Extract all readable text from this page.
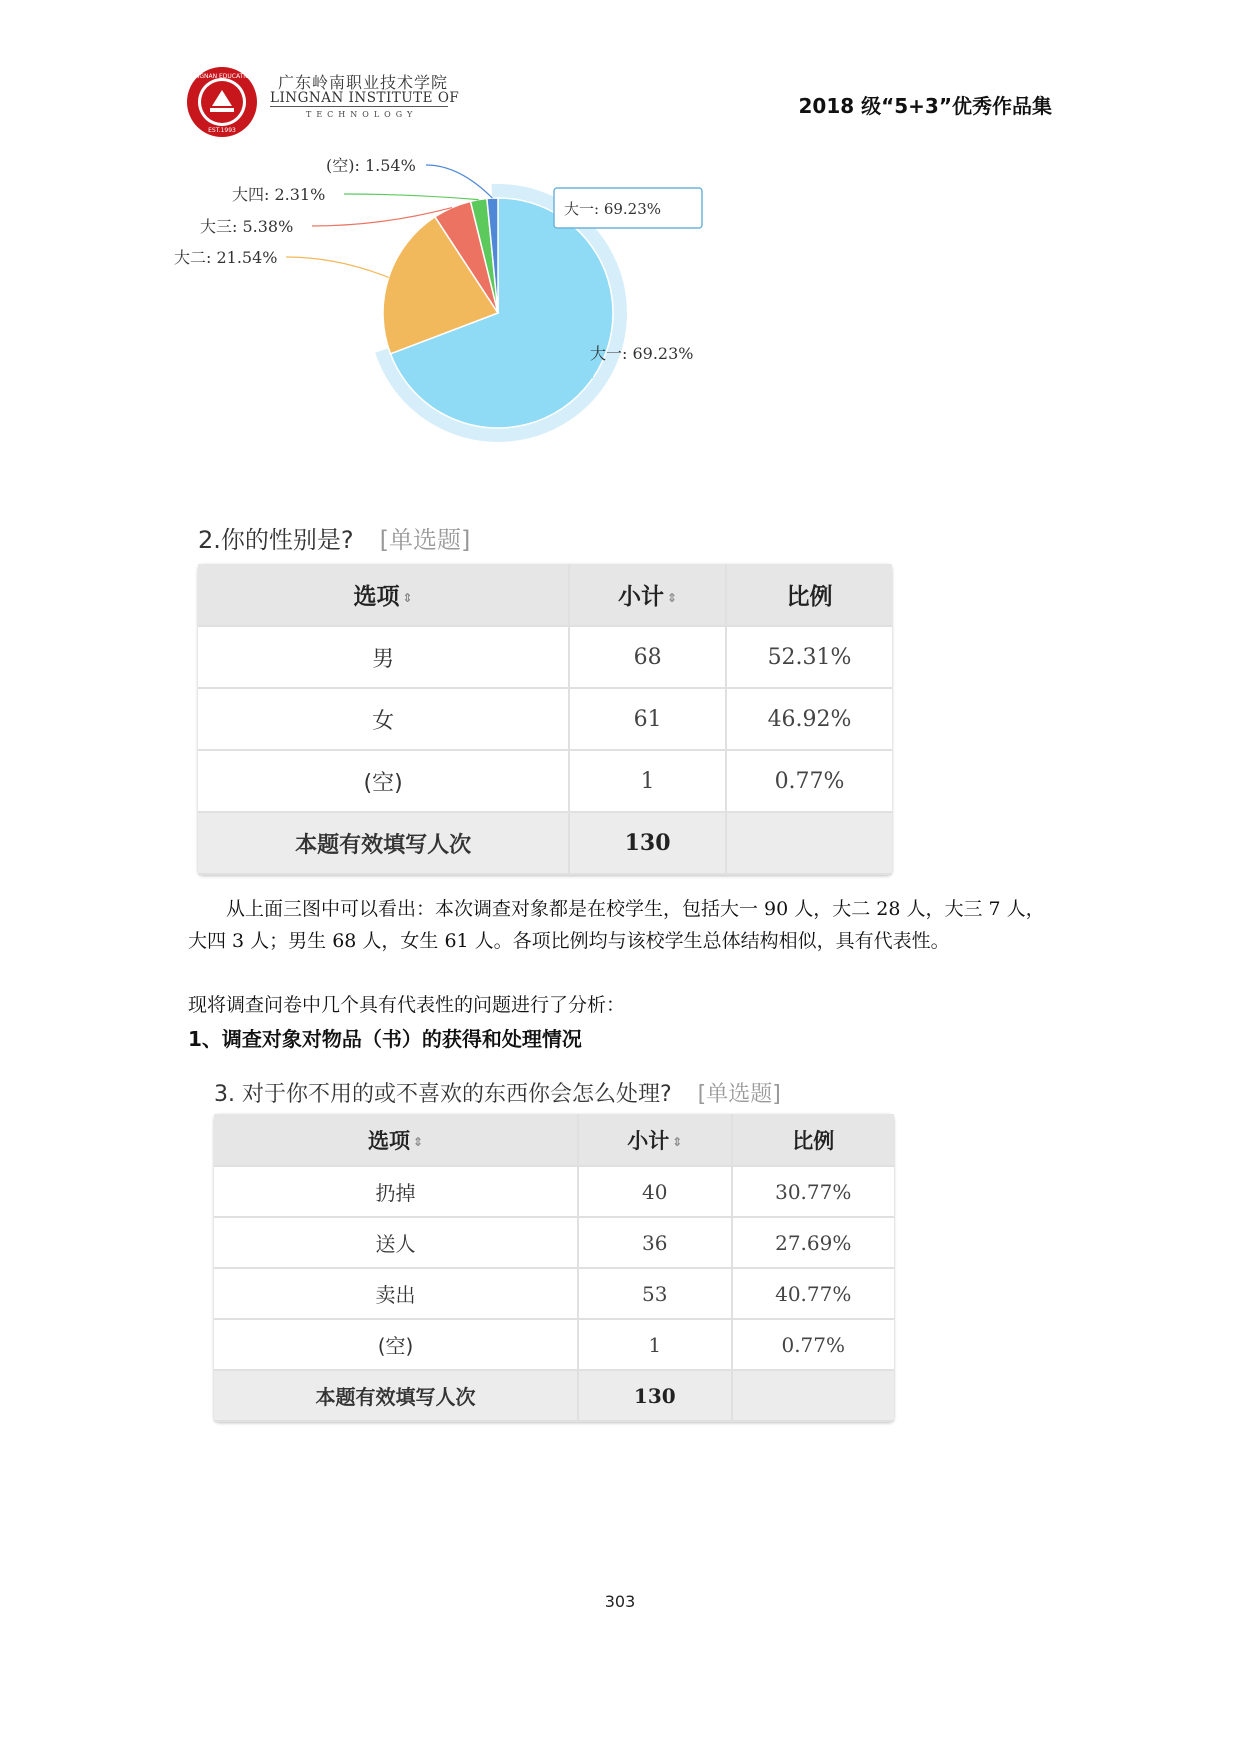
LINGNAN EDUCATION
EST.1993
广东岭南职业技术学院
LINGNAN INSTITUTE OF
TECHNOLOGY	2018 级“5+3”优秀作品集
大一: 69.23%
大二: 21.54%
大三: 5.38%
大四: 2.31%
(空): 1.54%
大一: 69.23%
2.你的性别是? [单选题]
选项 ⇕	小计 ⇕	比例
男	68	52.31%
女	61	46.92%
(空)	1	0.77%
本题有效填写人次	130	
从上面三图中可以看出：本次调查对象都是在校学生，包括大一 90 人，大二 28 人，大三 7 人，大四 3 人；男生 68 人，女生 61 人。各项比例均与该校学生总体结构相似，具有代表性。
现将调查问卷中几个具有代表性的问题进行了分析：
1、调查对象对物品（书）的获得和处理情况
3. 对于你不用的或不喜欢的东西你会怎么处理? [单选题]
选项 ⇕	小计 ⇕	比例
扔掉	40	30.77%
送人	36	27.69%
卖出	53	40.77%
(空)	1	0.77%
本题有效填写人次	130	
303
